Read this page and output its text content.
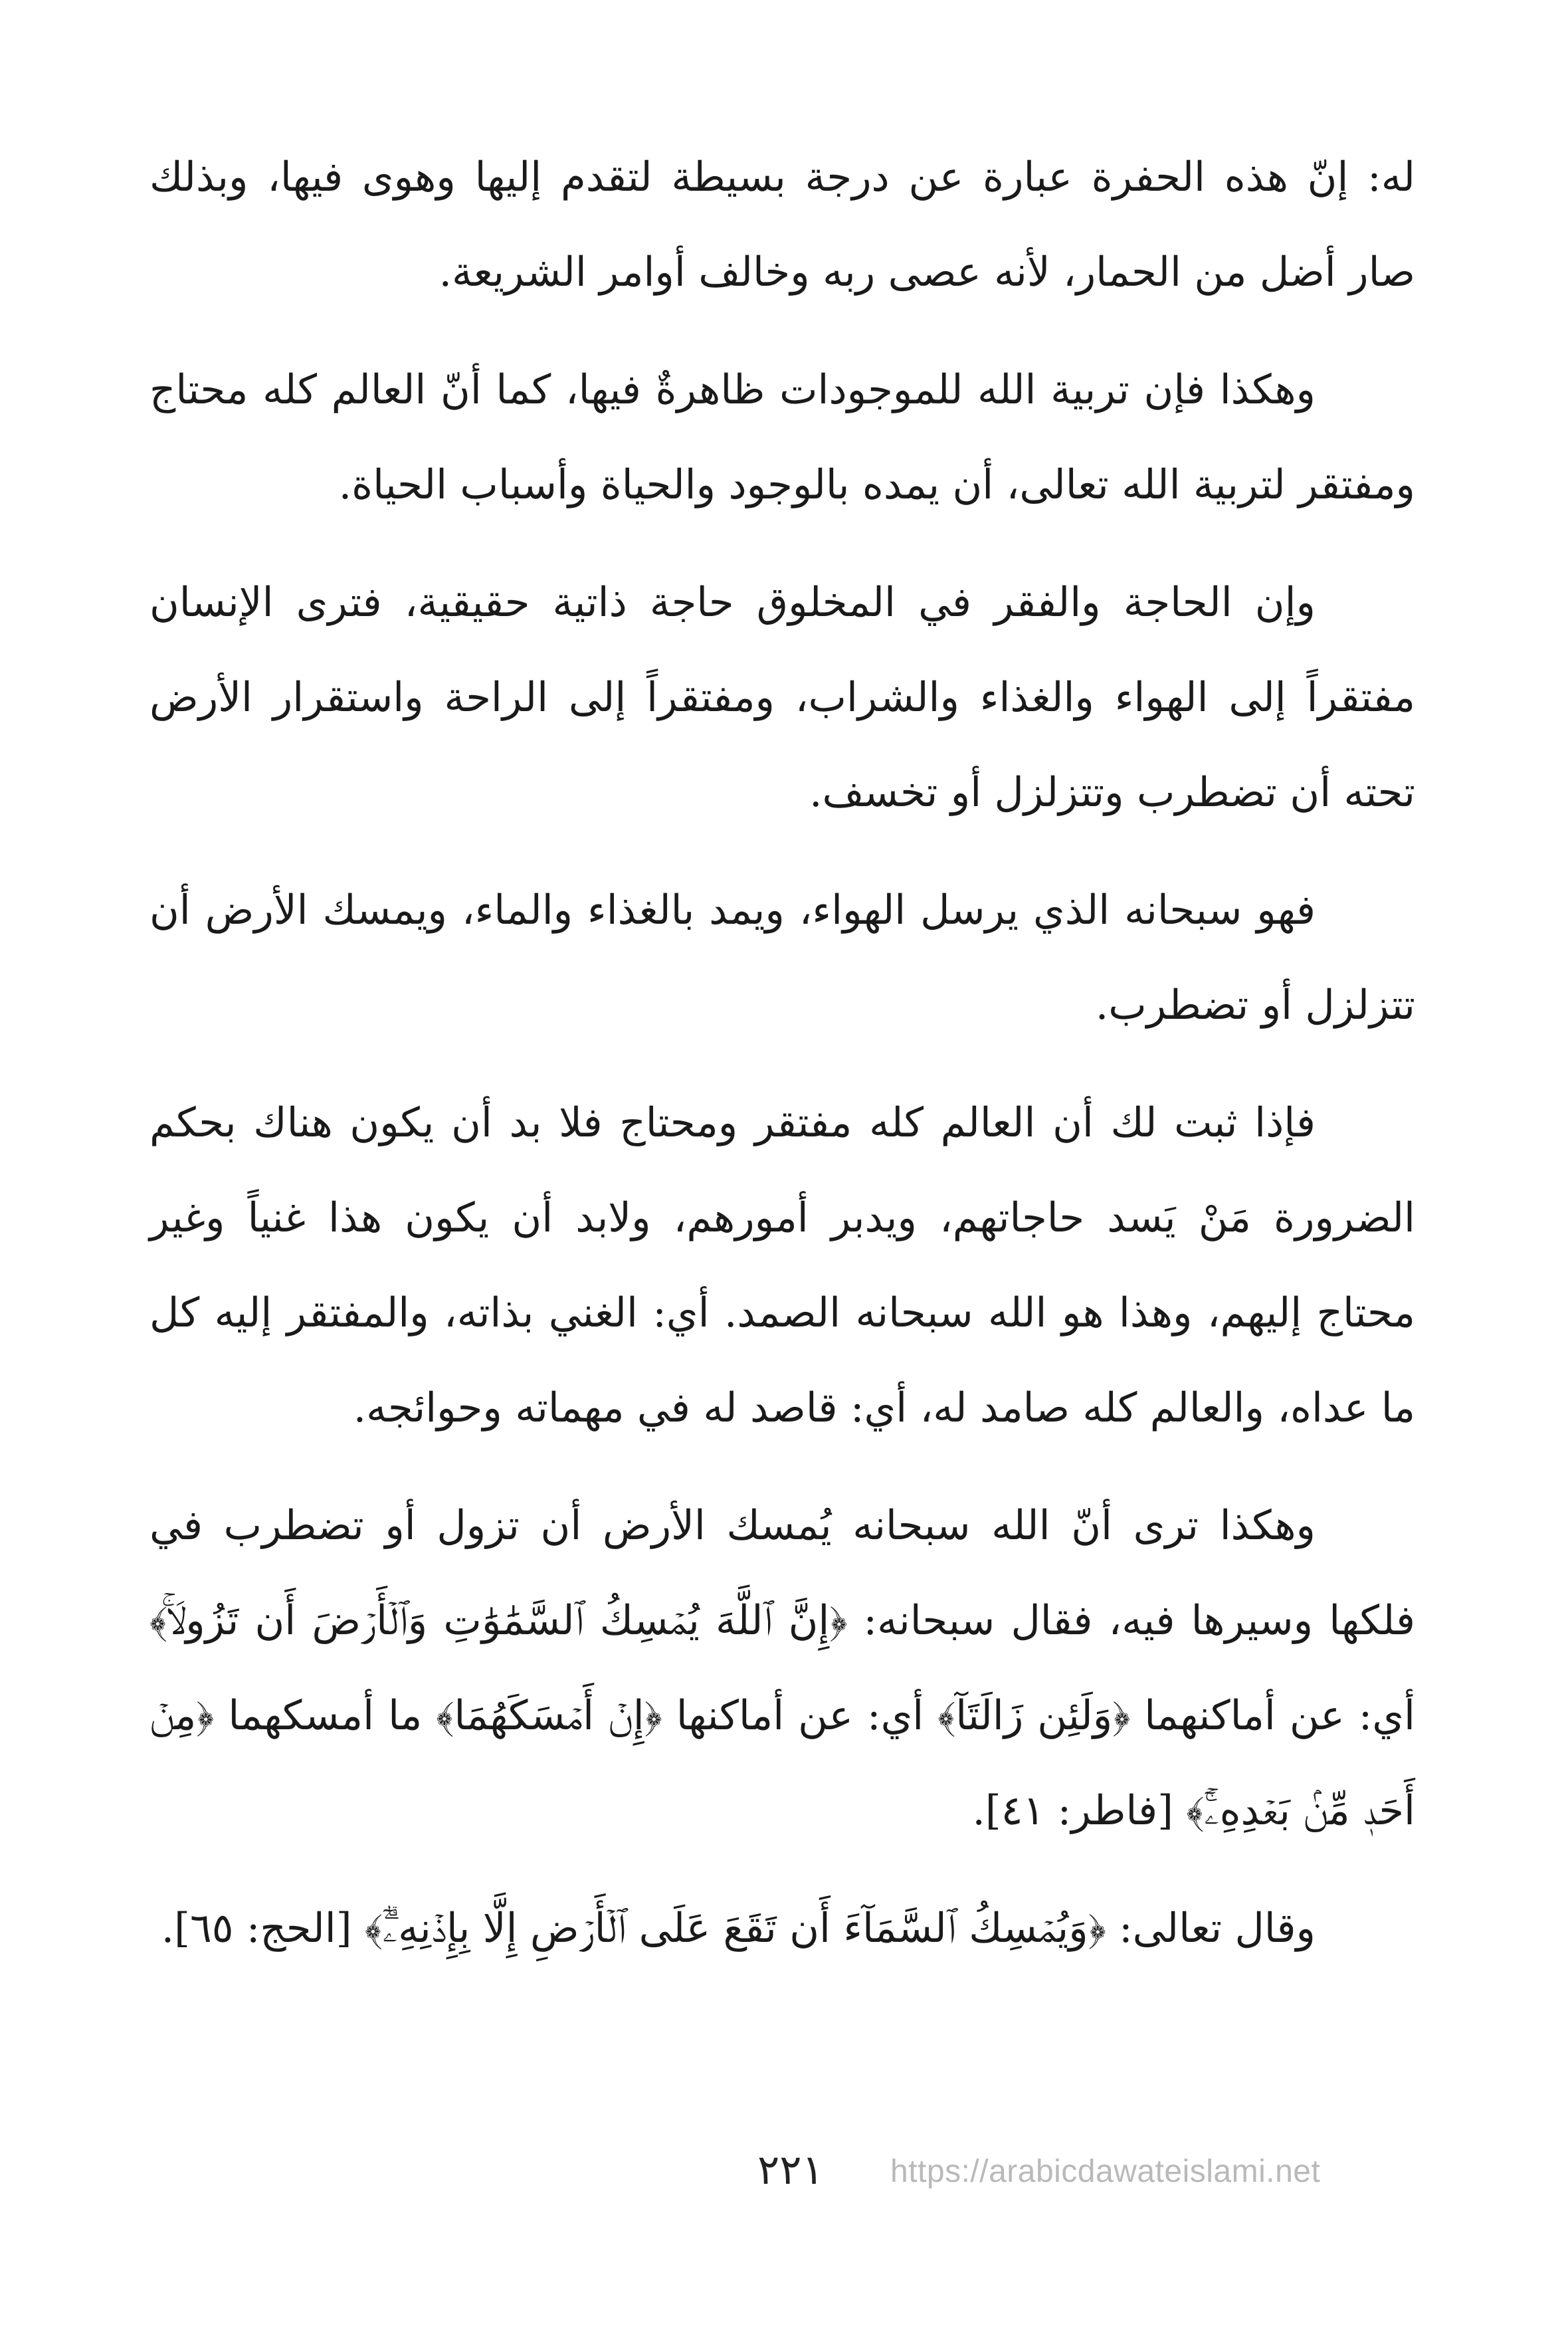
له: إنّ هذه الحفرة عبارة عن درجة بسيطة لتقدم إليها وهوى فيها، وبذلك صار أضل من الحمار، لأنه عصى ربه وخالف أوامر الشريعة.

وهكذا فإن تربية الله للموجودات ظاهرةٌ فيها، كما أنّ العالم كله محتاج ومفتقر لتربية الله تعالى، أن يمده بالوجود والحياة وأسباب الحياة.

وإن الحاجة والفقر في المخلوق حاجة ذاتية حقيقية، فترى الإنسان مفتقراً إلى الهواء والغذاء والشراب، ومفتقراً إلى الراحة واستقرار الأرض تحته أن تضطرب وتتزلزل أو تخسف.

فهو سبحانه الذي يرسل الهواء، ويمد بالغذاء والماء، ويمسك الأرض أن تتزلزل أو تضطرب.

فإذا ثبت لك أن العالم كله مفتقر ومحتاج فلا بد أن يكون هناك بحكم الضرورة مَنْ يَسد حاجاتهم، ويدبر أمورهم، ولابد أن يكون هذا غنياً وغير محتاج إليهم، وهذا هو الله سبحانه الصمد. أي: الغني بذاته، والمفتقر إليه كل ما عداه، والعالم كله صامد له، أي: قاصد له في مهماته وحوائجه.

وهكذا ترى أنّ الله سبحانه يُمسك الأرض أن تزول أو تضطرب في فلكها وسيرها فيه، فقال سبحانه: ﴿إِنَّ ٱللَّهَ يُمۡسِكُ ٱلسَّمَٰوَٰتِ وَٱلۡأَرۡضَ أَن تَزُولَاۚ﴾ أي: عن أماكنهما ﴿وَلَئِن زَالَتَآ﴾ أي: عن أماكنها ﴿إِنۡ أَمۡسَكَهُمَا﴾ ما أمسكهما ﴿مِنۡ أَحَدٖ مِّنۢ بَعۡدِهِۦٓۚ﴾ [فاطر: ٤١].

وقال تعالى: ﴿وَيُمۡسِكُ ٱلسَّمَآءَ أَن تَقَعَ عَلَى ٱلۡأَرۡضِ إِلَّا بِإِذۡنِهِۦٓۗ﴾ [الحج: ٦٥].

٢٢١ https://arabicdawateislami.net
